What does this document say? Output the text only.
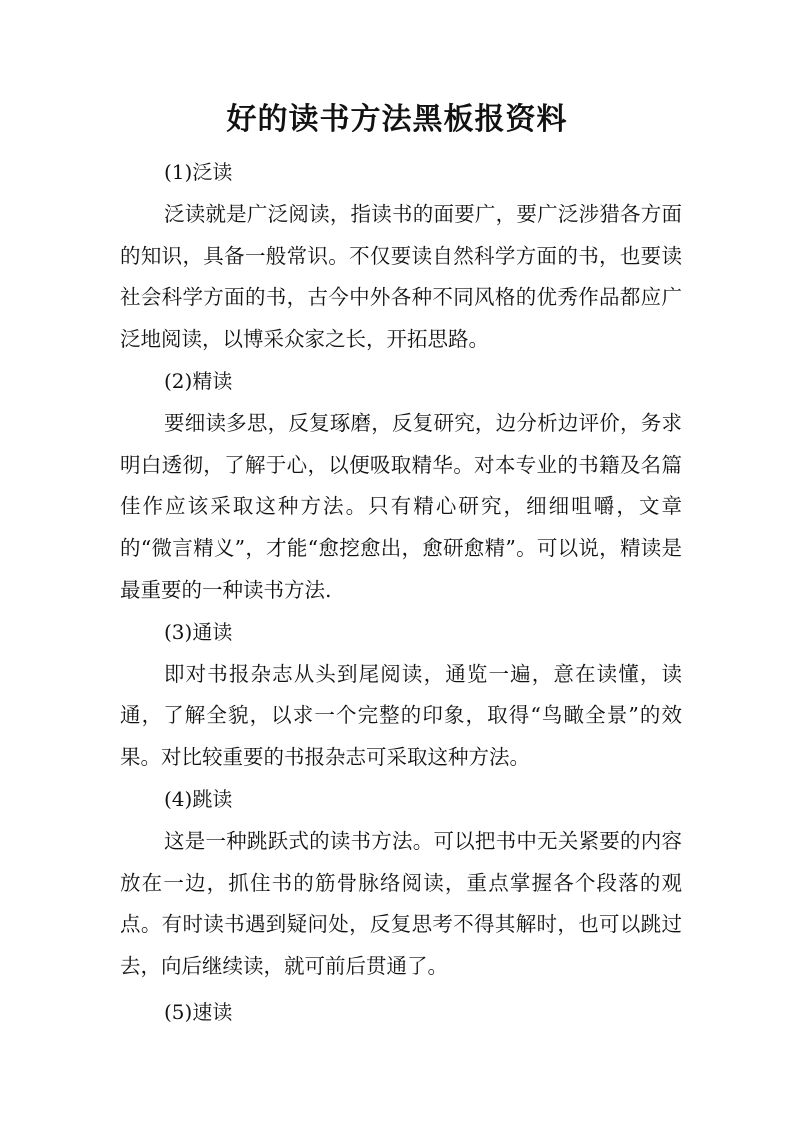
好的读书方法黑板报资料

(1)泛读

泛读就是广泛阅读，指读书的面要广，要广泛涉猎各方面的知识，具备一般常识。不仅要读自然科学方面的书，也要读社会科学方面的书，古今中外各种不同风格的优秀作品都应广泛地阅读，以博采众家之长，开拓思路。

(2)精读

要细读多思，反复琢磨，反复研究，边分析边评价，务求明白透彻，了解于心，以便吸取精华。对本专业的书籍及名篇佳作应该采取这种方法。只有精心研究，细细咀嚼，文章的“微言精义”，才能“愈挖愈出，愈研愈精”。可以说，精读是最重要的一种读书方法.

(3)通读

即对书报杂志从头到尾阅读，通览一遍，意在读懂，读通，了解全貌，以求一个完整的印象，取得“鸟瞰全景”的效果。对比较重要的书报杂志可采取这种方法。

(4)跳读

这是一种跳跃式的读书方法。可以把书中无关紧要的内容放在一边，抓住书的筋骨脉络阅读，重点掌握各个段落的观点。有时读书遇到疑问处，反复思考不得其解时，也可以跳过去，向后继续读，就可前后贯通了。

(5)速读
